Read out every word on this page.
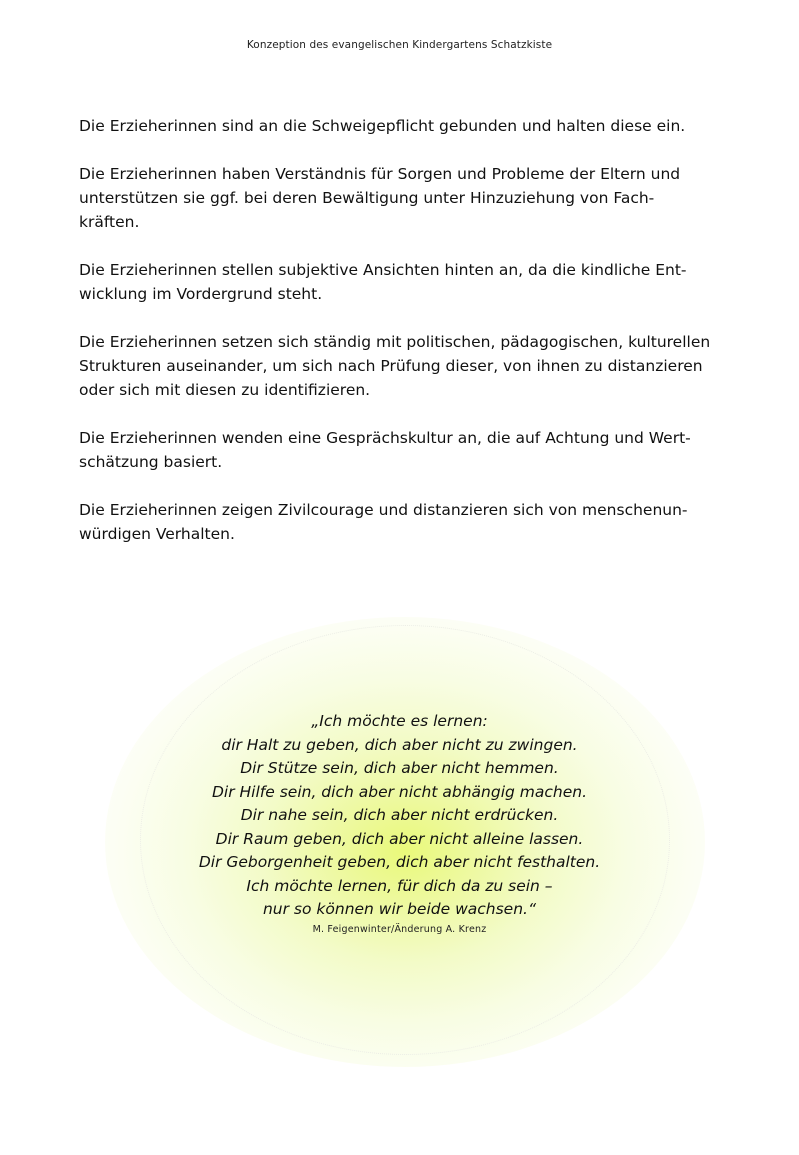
Konzeption des evangelischen Kindergartens Schatzkiste

Die Erzieherinnen sind an die Schweigepflicht gebunden und halten diese ein.

Die Erzieherinnen haben Verständnis für Sorgen und Probleme der Eltern und
unterstützen sie ggf. bei deren Bewältigung unter Hinzuziehung von Fach-
kräften.

Die Erzieherinnen stellen subjektive Ansichten hinten an, da die kindliche Ent-
wicklung im Vordergrund steht.

Die Erzieherinnen setzen sich ständig mit politischen, pädagogischen, kulturellen
Strukturen auseinander, um sich nach Prüfung dieser, von ihnen zu distanzieren
oder sich mit diesen zu identifizieren.

Die Erzieherinnen wenden eine Gesprächskultur an, die auf Achtung und Wert-
schätzung basiert.

Die Erzieherinnen zeigen Zivilcourage und distanzieren sich von menschenun-
würdigen Verhalten.

„Ich möchte es lernen:
dir Halt zu geben, dich aber nicht zu zwingen.
Dir Stütze sein, dich aber nicht hemmen.
Dir Hilfe sein, dich aber nicht abhängig machen.
Dir nahe sein, dich aber nicht erdrücken.
Dir Raum geben, dich aber nicht alleine lassen.
Dir Geborgenheit geben, dich aber nicht festhalten.
Ich möchte lernen, für dich da zu sein –
nur so können wir beide wachsen.“
M. Feigenwinter/Änderung A. Krenz
